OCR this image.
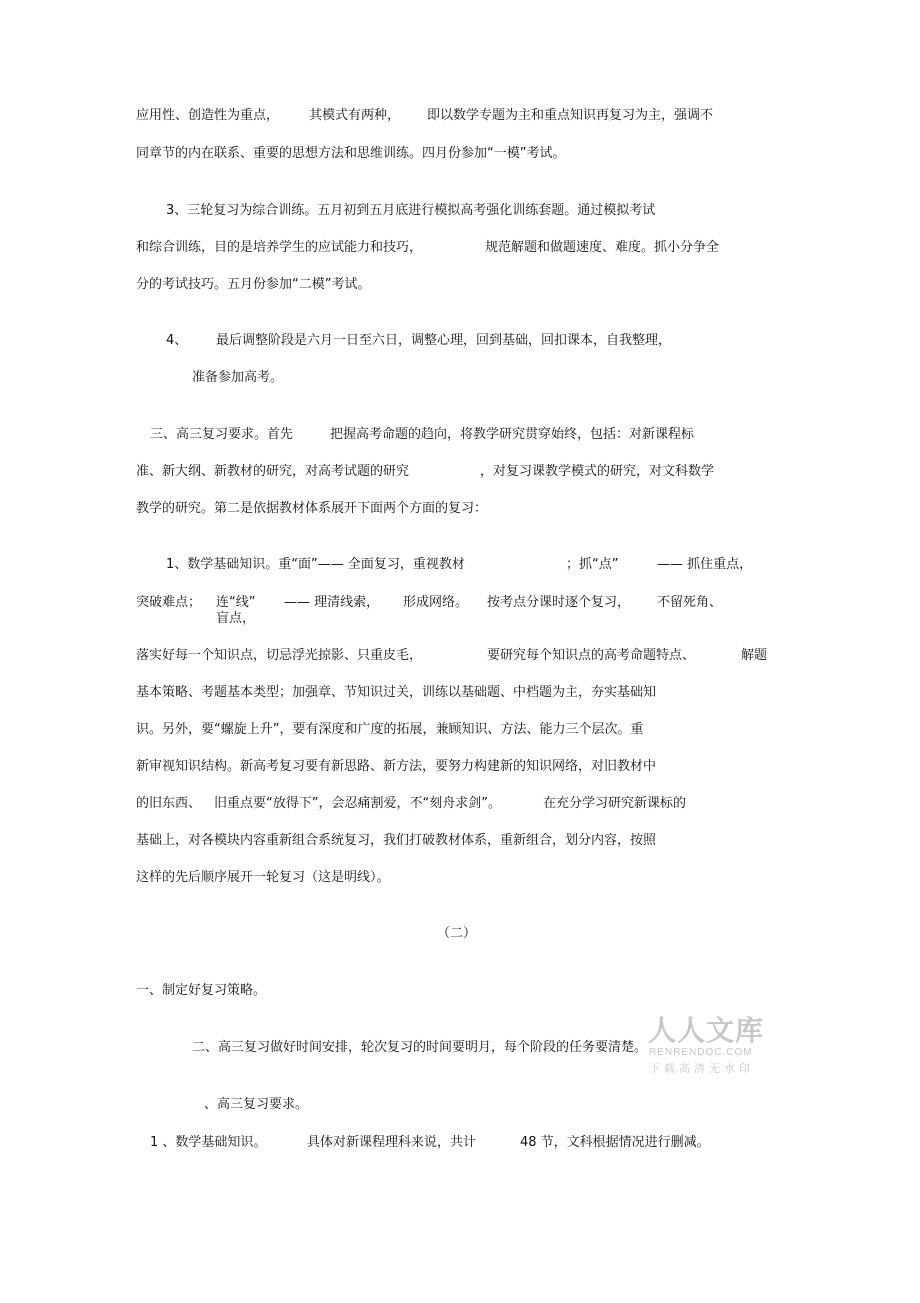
应用性、创造性为重点， 其模式有两种， 即以数学专题为主和重点知识再复习为主，强调不
同章节的内在联系、重要的思想方法和思维训练。四月份参加“一模”考试。
3、三轮复习为综合训练。五月初到五月底进行模拟高考强化训练套题。通过模拟考试
和综合训练，目的是培养学生的应试能力和技巧，	规范解题和做题速度、难度。抓小分争全
分的考试技巧。五月份参加“二模”考试。
4、 最后调整阶段是六月一日至六日，调整心理，回到基础，回扣课本，自我整理，
准备参加高考。
三、高三复习要求。首先	把握高考命题的趋向，将教学研究贯穿始终，包括：对新课程标
准、新大纲、新教材的研究，对高考试题的研究	，对复习课教学模式的研究，对文科数学
教学的研究。第二是依据教材体系展开下面两个方面的复习：
1、数学基础知识。重“面”—— 全面复习，重视教材	；抓“点”	—— 抓住重点，
突破难点； 连“线” —— 理清线索， 形成网络。 按考点分课时逐个复习， 不留死角、
盲点，
落实好每一个知识点，切忌浮光掠影、只重皮毛，	要研究每个知识点的高考命题特点、	解题
基本策略、考题基本类型；加强章、节知识过关，训练以基础题、中档题为主，夯实基础知
识。另外，要“螺旋上升”，要有深度和广度的拓展，兼顾知识、方法、能力三个层次。重
新审视知识结构。新高考复习要有新思路、新方法，要努力构建新的知识网络，对旧教材中
的旧东西、 旧重点要“放得下”，会忍痛割爱，不“刻舟求剑”。	在充分学习研究新课标的
基础上，对各模块内容重新组合系统复习，我们打破教材体系，重新组合，划分内容，按照
这样的先后顺序展开一轮复习（这是明线）。
（二）
一、制定好复习策略。
二、高三复习做好时间安排，轮次复习的时间要明月，每个阶段的任务要清楚。
、高三复习要求。
1 、数学基础知识。	具体对新课程理科来说，共计	48 节，文科根据情况进行删减。
人人文库
RENRENDOC.COM
下载高清无水印
